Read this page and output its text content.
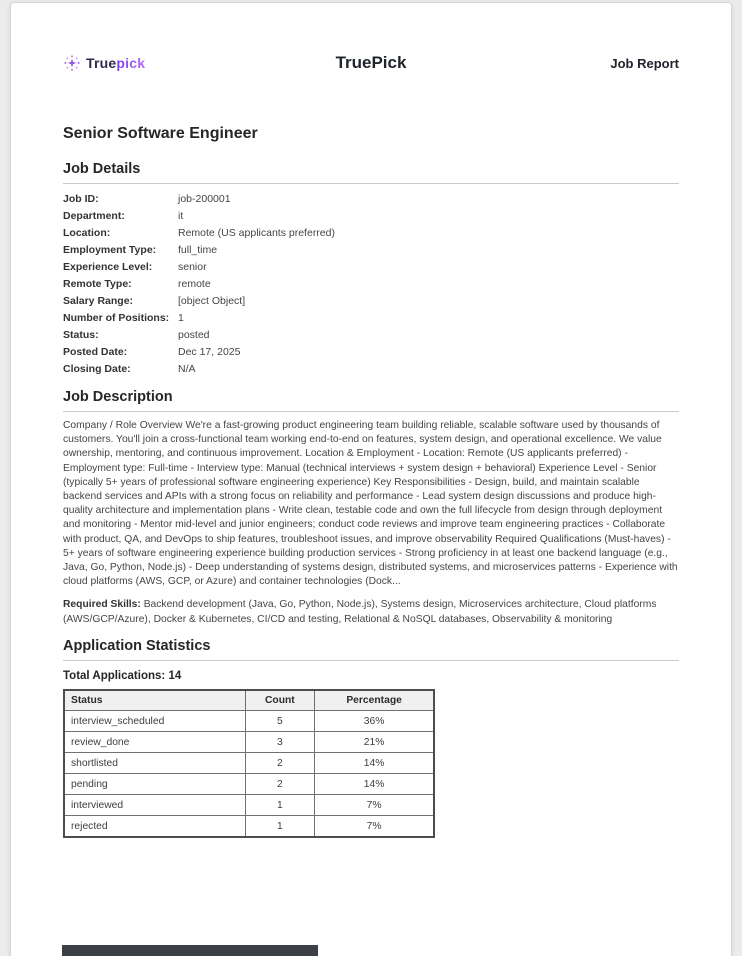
Truepick	TruePick	Job Report
Senior Software Engineer
Job Details
Job ID:	job-200001
Department:	it
Location:	Remote (US applicants preferred)
Employment Type:	full_time
Experience Level:	senior
Remote Type:	remote
Salary Range:	[object Object]
Number of Positions: 1
Status:	posted
Posted Date:	Dec 17, 2025
Closing Date:	N/A
Job Description

Company / Role Overview We're a fast-growing product engineering team building reliable, scalable software used by thousands of customers. You'll join a cross-functional team working end-to-end on features, system design, and operational excellence. We value ownership, mentoring, and continuous improvement. Location & Employment - Location: Remote (US applicants preferred) - Employment type: Full-time - Interview type: Manual (technical interviews + system design + behavioral) Experience Level - Senior (typically 5+ years of professional software engineering experience) Key Responsibilities - Design, build, and maintain scalable backend services and APIs with a strong focus on reliability and performance - Lead system design discussions and produce high-quality architecture and implementation plans - Write clean, testable code and own the full lifecycle from design through deployment and monitoring - Mentor mid-level and junior engineers; conduct code reviews and improve team engineering practices - Collaborate with product, QA, and DevOps to ship features, troubleshoot issues, and improve observability Required Qualifications (Must-haves) - 5+ years of software engineering experience building production services - Strong proficiency in at least one backend language (e.g., Java, Go, Python, Node.js) - Deep understanding of systems design, distributed systems, and microservices patterns - Experience with cloud platforms (AWS, GCP, or Azure) and container technologies (Dock...

Required Skills: Backend development (Java, Go, Python, Node.js), Systems design, Microservices architecture, Cloud platforms (AWS/GCP/Azure), Docker & Kubernetes, CI/CD and testing, Relational & NoSQL databases, Observability & monitoring

Application Statistics
Total Applications: 14
Status	Count	Percentage
interview_scheduled	5	36%
review_done	3	21%
shortlisted	2	14%
pending	2	14%
interviewed	1	7%
rejected	1	7%
